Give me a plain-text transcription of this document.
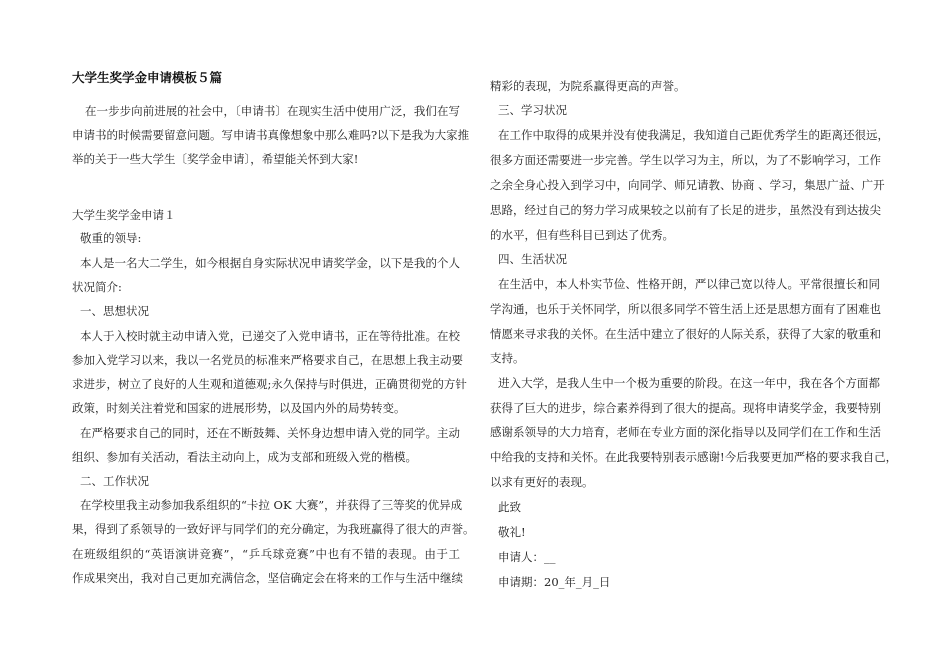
大学生奖学金申请模板５篇
在一步步向前进展的社会中，〔申请书〕在现实生活中使用广泛，我们在写
申请书的时候需要留意问题。写申请书真像想象中那么难吗?以下是我为大家推
举的关于一些大学生〔奖学金申请〕，希望能关怀到大家!
大学生奖学金申请１
敬重的领导:
本人是一名大二学生，如今根据自身实际状况申请奖学金，以下是我的个人
状况简介:
一、思想状况
本人于入校时就主动申请入党，已递交了入党申请书，正在等待批准。在校
参加入党学习以来，我以一名党员的标准来严格要求自己，在思想上我主动要
求进步，树立了良好的人生观和道德观;永久保持与时俱进，正确贯彻党的方针
政策，时刻关注着党和国家的进展形势，以及国内外的局势转变。
在严格要求自己的同时，还在不断鼓舞、关怀身边想申请入党的同学。主动
组织、参加有关活动，看法主动向上，成为支部和班级入党的楷模。
二、工作状况
在学校里我主动参加我系组织的“卡拉 OK 大赛”，并获得了三等奖的优异成
果，得到了系领导的一致好评与同学们的充分确定，为我班赢得了很大的声誉。
在班级组织的“英语演讲竞赛”，“乒乓球竞赛”中也有不错的表现。由于工
作成果突出，我对自己更加充满信念，坚信确定会在将来的工作与生活中继续
精彩的表现，为院系赢得更高的声誉。
三、学习状况
在工作中取得的成果并没有使我满足，我知道自己距优秀学生的距离还很远，
很多方面还需要进一步完善。学生以学习为主，所以，为了不影响学习，工作
之余全身心投入到学习中，向同学、师兄请教、协商 、学习，集思广益、广开
思路，经过自己的努力学习成果较之以前有了长足的进步，虽然没有到达拔尖
的水平，但有些科目已到达了优秀。
四、生活状况
在生活中，本人朴实节俭、性格开朗，严以律己宽以待人。平常很擅长和同
学沟通，也乐于关怀同学，所以很多同学不管生活上还是思想方面有了困难也
情愿来寻求我的关怀。在生活中建立了很好的人际关系，获得了大家的敬重和
支持。
进入大学，是我人生中一个极为重要的阶段。在这一年中，我在各个方面都
获得了巨大的进步，综合素养得到了很大的提高。现将申请奖学金，我要特别
感谢系领导的大力培育，老师在专业方面的深化指导以及同学们在工作和生活
中给我的支持和关怀。在此我要特别表示感谢!今后我要更加严格的要求我自己，
以求有更好的表现。
此致
敬礼!
申请人：__
申请期：20_年_月_日
